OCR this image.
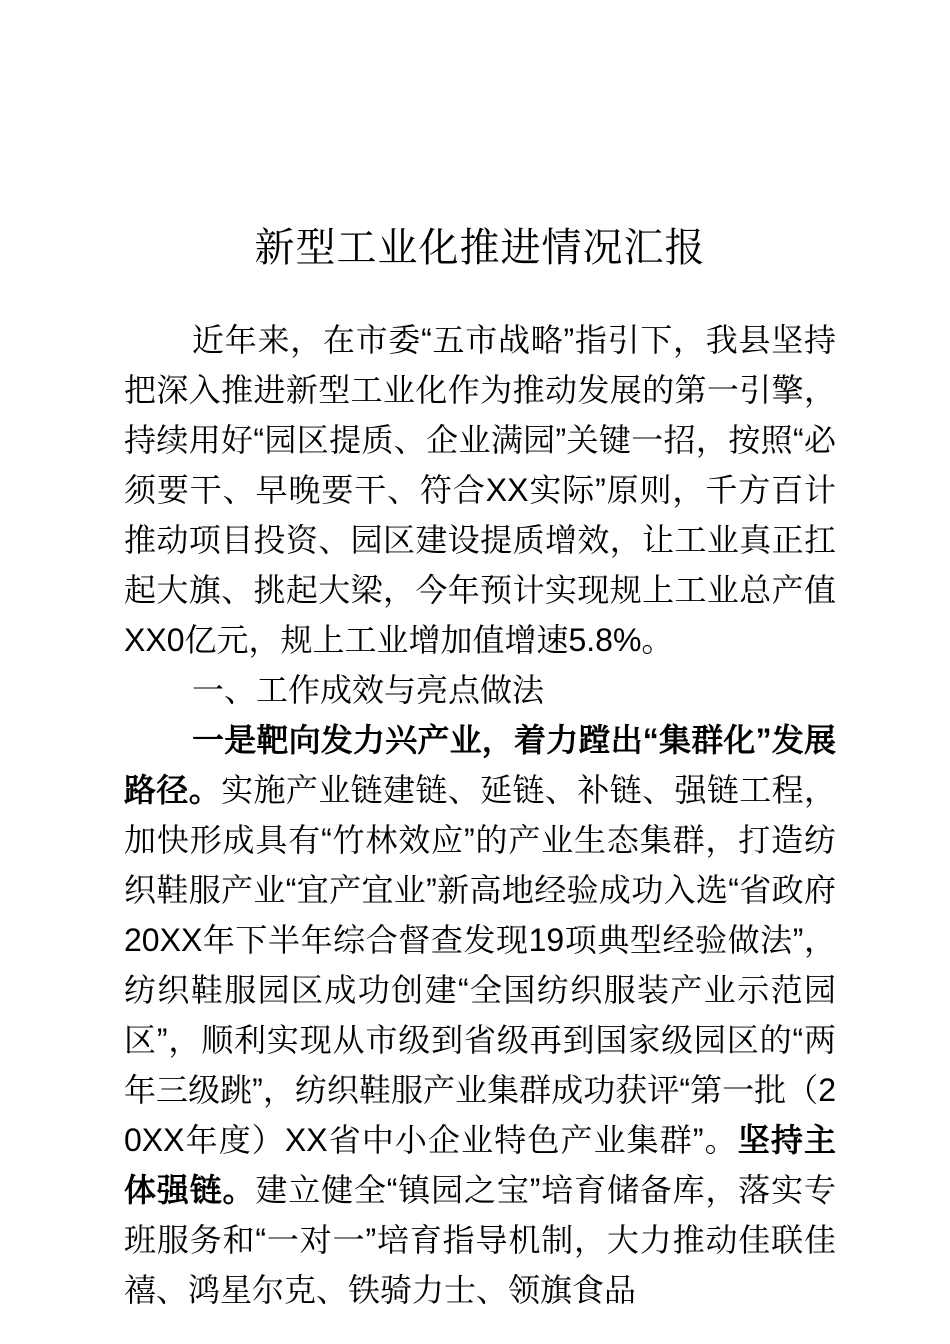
新型工业化推进情况汇报

近年来，在市委“五市战略”指引下，我县坚持把深入推进新型工业化作为推动发展的第一引擎，持续用好“园区提质、企业满园”关键一招，按照“必须要干、早晚要干、符合XX实际”原则，千方百计推动项目投资、园区建设提质增效，让工业真正扛起大旗、挑起大梁，今年预计实现规上工业总产值XX0亿元，规上工业增加值增速5.8%。

一、工作成效与亮点做法

一是靶向发力兴产业，着力蹚出“集群化”发展路径。实施产业链建链、延链、补链、强链工程，加快形成具有“竹林效应”的产业生态集群，打造纺织鞋服产业“宜产宜业”新高地经验成功入选“省政府20XX年下半年综合督查发现19项典型经验做法”，纺织鞋服园区成功创建“全国纺织服装产业示范园区”，顺利实现从市级到省级再到国家级园区的“两年三级跳”，纺织鞋服产业集群成功获评“第一批（20XX年度）XX省中小企业特色产业集群”。坚持主体强链。建立健全“镇园之宝”培育储备库，落实专班服务和“一对一”培育指导机制，大力推动佳联佳禧、鸿星尔克、铁骑力士、领旗食品
